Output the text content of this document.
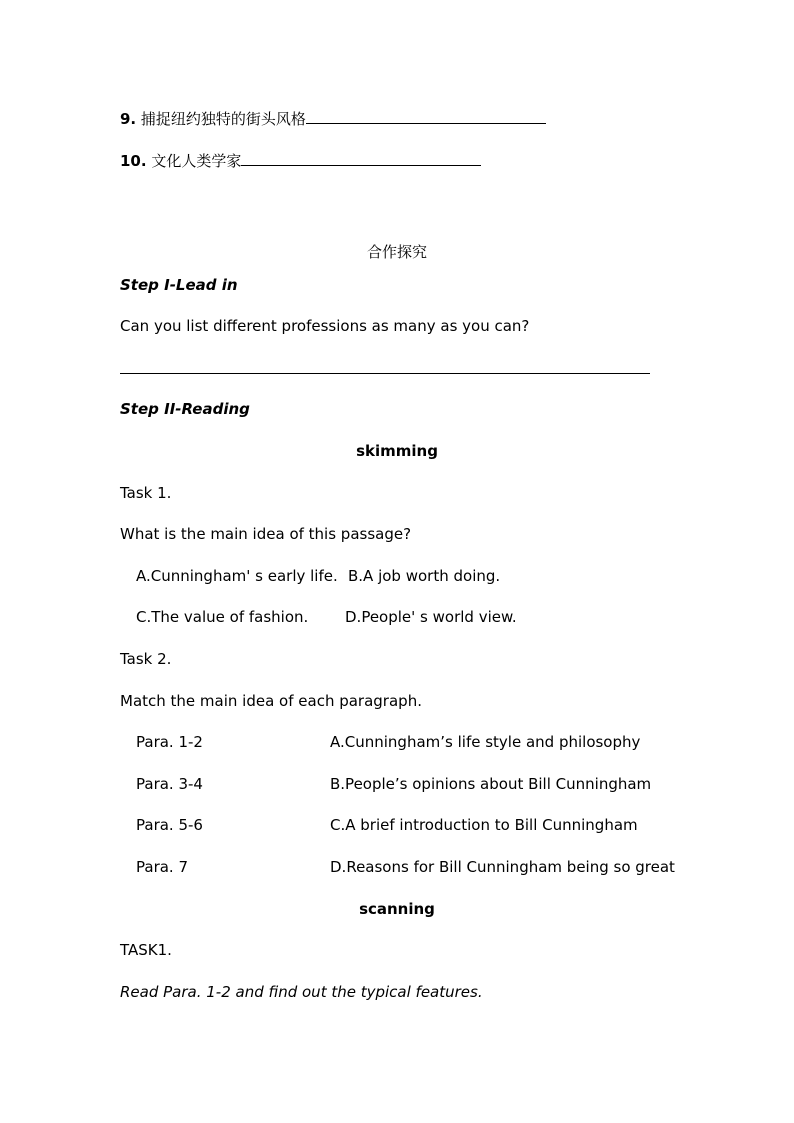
9. 捕捉纽约独特的街头风格
10. 文化人类学家
合作探究
Step I-Lead in
Can you list different professions as many as you can?
Step II-Reading
skimming
Task 1.
What is the main idea of this passage?
A.Cunningham' s early life. B.A job worth doing.
C.The value of fashion. D.People' s world view.
Task 2.
Match the main idea of each paragraph.
Para. 1-2	A.Cunningham’s life style and philosophy
Para. 3-4	B.People’s opinions about Bill Cunningham
Para. 5-6	C.A brief introduction to Bill Cunningham
Para. 7	D.Reasons for Bill Cunningham being so great
scanning
TASK1.
Read Para. 1-2 and find out the typical features.
